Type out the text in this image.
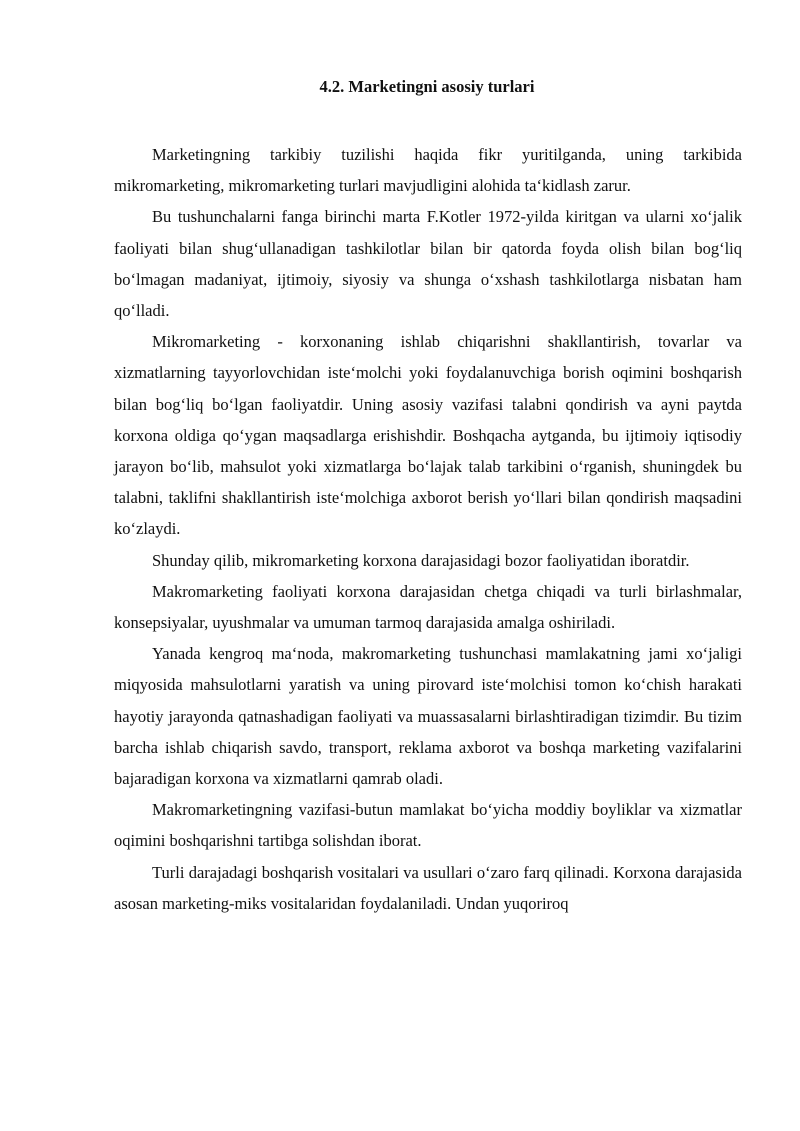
4.2. Marketingni asosiy turlari

Marketingning tarkibiy tuzilishi haqida fikr yuritilganda, uning tarkibida mikromarketing, mikromarketing turlari mavjudligini alohida ta‘kidlash zarur.

Bu tushunchalarni fanga birinchi marta F.Kotler 1972-yilda kiritgan va ularni xo‘jalik faoliyati bilan shug‘ullanadigan tashkilotlar bilan bir qatorda foyda olish bilan bog‘liq bo‘lmagan madaniyat, ijtimoiy, siyosiy va shunga o‘xshash tashkilotlarga nisbatan ham qo‘lladi.

Mikromarketing - korxonaning ishlab chiqarishni shakllantirish, tovarlar va xizmatlarning tayyorlovchidan iste‘molchi yoki foydalanuvchiga borish oqimini boshqarish bilan bog‘liq bo‘lgan faoliyatdir. Uning asosiy vazifasi talabni qondirish va ayni paytda korxona oldiga qo‘ygan maqsadlarga erishishdir. Boshqacha aytganda, bu ijtimoiy iqtisodiy jarayon bo‘lib, mahsulot yoki xizmatlarga bo‘lajak talab tarkibini o‘rganish, shuningdek bu talabni, taklifni shakllantirish iste‘molchiga axborot berish yo‘llari bilan qondirish maqsadini ko‘zlaydi.

Shunday qilib, mikromarketing korxona darajasidagi bozor faoliyatidan iboratdir.

Makromarketing faoliyati korxona darajasidan chetga chiqadi va turli birlashmalar, konsepsiyalar, uyushmalar va umuman tarmoq darajasida amalga oshiriladi.

Yanada kengroq ma‘noda, makromarketing tushunchasi mamlakatning jami xo‘jaligi miqyosida mahsulotlarni yaratish va uning pirovard iste‘molchisi tomon ko‘chish harakati hayotiy jarayonda qatnashadigan faoliyati va muassasalarni birlashtiradigan tizimdir. Bu tizim barcha ishlab chiqarish savdo, transport, reklama axborot va boshqa marketing vazifalarini bajaradigan korxona va xizmatlarni qamrab oladi.

Makromarketingning vazifasi-butun mamlakat bo‘yicha moddiy boyliklar va xizmatlar oqimini boshqarishni tartibga solishdan iborat.

Turli darajadagi boshqarish vositalari va usullari o‘zaro farq qilinadi. Korxona darajasida asosan marketing-miks vositalaridan foydalaniladi. Undan yuqoriroq
